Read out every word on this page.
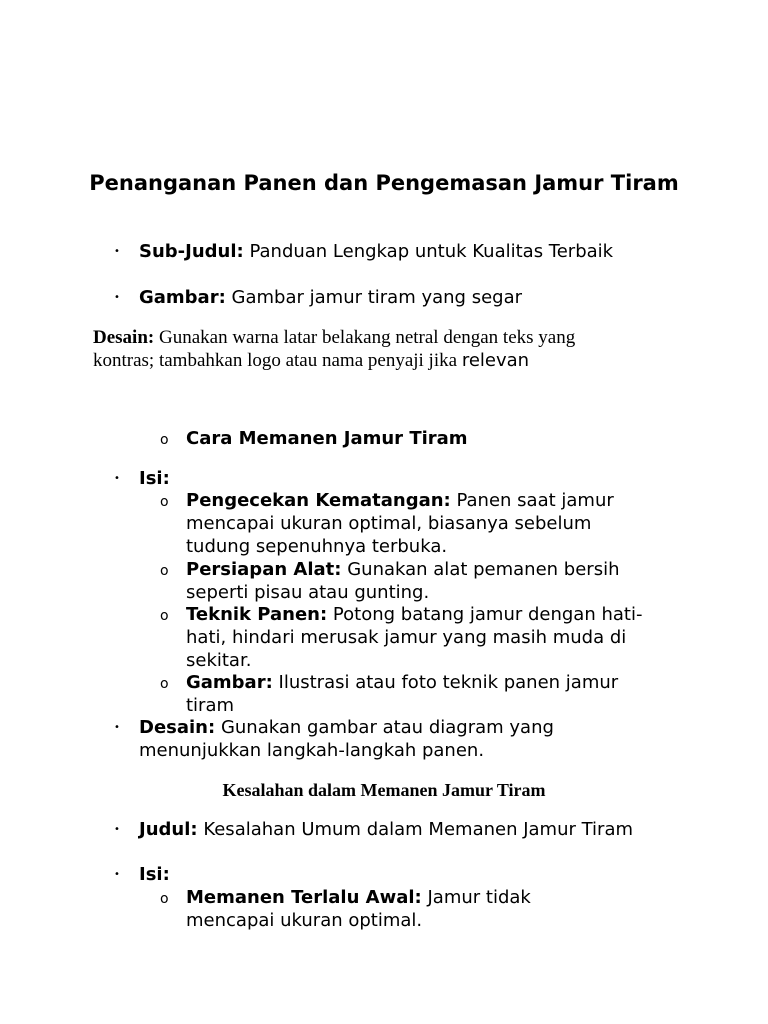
Penanganan Panen dan Pengemasan Jamur Tiram
• Sub-Judul: Panduan Lengkap untuk Kualitas Terbaik
• Gambar: Gambar jamur tiram yang segar
Desain: Gunakan warna latar belakang netral dengan teks yang kontras; tambahkan logo atau nama penyaji jika relevan
o Cara Memanen Jamur Tiram
• Isi:
o Pengecekan Kematangan: Panen saat jamur mencapai ukuran optimal, biasanya sebelum tudung sepenuhnya terbuka.
o Persiapan Alat: Gunakan alat pemanen bersih seperti pisau atau gunting.
o Teknik Panen: Potong batang jamur dengan hati-hati, hindari merusak jamur yang masih muda di sekitar.
o Gambar: Ilustrasi atau foto teknik panen jamur tiram
• Desain: Gunakan gambar atau diagram yang menunjukkan langkah-langkah panen.
Kesalahan dalam Memanen Jamur Tiram
• Judul: Kesalahan Umum dalam Memanen Jamur Tiram
• Isi:
o Memanen Terlalu Awal: Jamur tidak mencapai ukuran optimal.
